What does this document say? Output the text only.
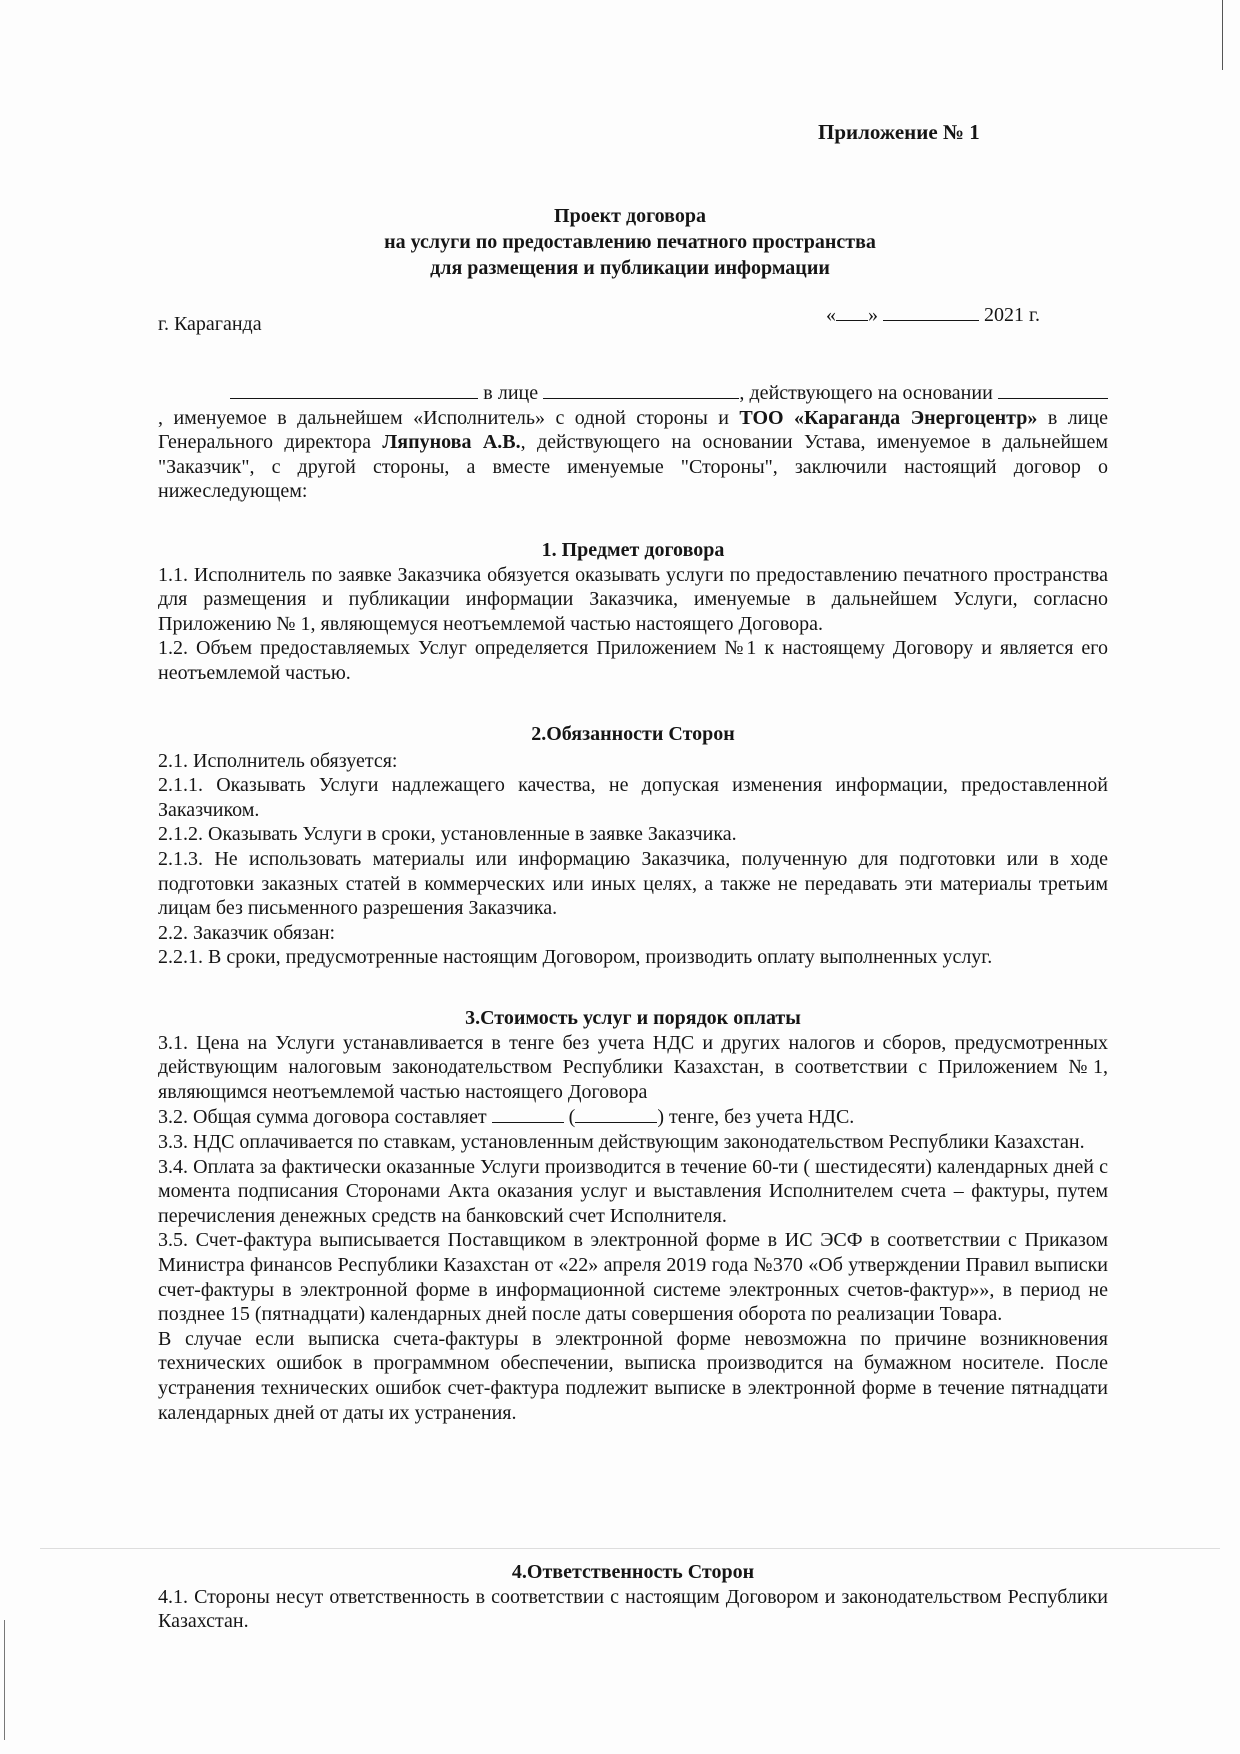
Приложение № 1
Проект договора
на услуги по предоставлению печатного пространства
для размещения и публикации информации
г. Караганда	« »	2021 г.

в лице	, действующего на основании , именуемое в дальнейшем «Исполнитель» с одной стороны и ТОО «Караганда Энергоцентр» в лице Генерального директора Ляпунова А.В., действующего на основании Устава, именуемое в дальнейшем "Заказчик", с другой стороны, а вместе именуемые "Стороны", заключили настоящий договор о нижеследующем:

1. Предмет договора

1.1. Исполнитель по заявке Заказчика обязуется оказывать услуги по предоставлению печатного пространства для размещения и публикации информации Заказчика, именуемые в дальнейшем Услуги, согласно Приложению № 1, являющемуся неотъемлемой частью настоящего Договора.

1.2. Объем предоставляемых Услуг определяется Приложением №1 к настоящему Договору и является его неотъемлемой частью.

2.Обязанности Сторон

2.1. Исполнитель обязуется:

2.1.1. Оказывать Услуги надлежащего качества, не допуская изменения информации, предоставленной Заказчиком.

2.1.2. Оказывать Услуги в сроки, установленные в заявке Заказчика.

2.1.3. Не использовать материалы или информацию Заказчика, полученную для подготовки или в ходе подготовки заказных статей в коммерческих или иных целях, а также не передавать эти материалы третьим лицам без письменного разрешения Заказчика.

2.2. Заказчик обязан:

2.2.1. В сроки, предусмотренные настоящим Договором, производить оплату выполненных услуг.

3.Стоимость услуг и порядок оплаты

3.1. Цена на Услуги устанавливается в тенге без учета НДС и других налогов и сборов, предусмотренных действующим налоговым законодательством Республики Казахстан, в соответствии с Приложением №1, являющимся неотъемлемой частью настоящего Договора

3.2. Общая сумма договора составляет	(	) тенге, без учета НДС.

3.3. НДС оплачивается по ставкам, установленным действующим законодательством Республики Казахстан.

3.4. Оплата за фактически оказанные Услуги производится в течение 60-ти ( шестидесяти) календарных дней с момента подписания Сторонами Акта оказания услуг и выставления Исполнителем счета – фактуры, путем перечисления денежных средств на банковский счет Исполнителя.

3.5. Счет-фактура выписывается Поставщиком в электронной форме в ИС ЭСФ в соответствии с Приказом Министра финансов Республики Казахстан от «22» апреля 2019 года №370 «Об утверждении Правил выписки счет-фактуры в электронной форме в информационной системе электронных счетов-фактур»», в период не позднее 15 (пятнадцати) календарных дней после даты совершения оборота по реализации Товара.

В случае если выписка счета-фактуры в электронной форме невозможна по причине возникновения технических ошибок в программном обеспечении, выписка производится на бумажном носителе. После устранения технических ошибок счет-фактура подлежит выписке в электронной форме в течение пятнадцати календарных дней от даты их устранения.

4.Ответственность Сторон

4.1. Стороны несут ответственность в соответствии с настоящим Договором и законодательством Республики Казахстан.
